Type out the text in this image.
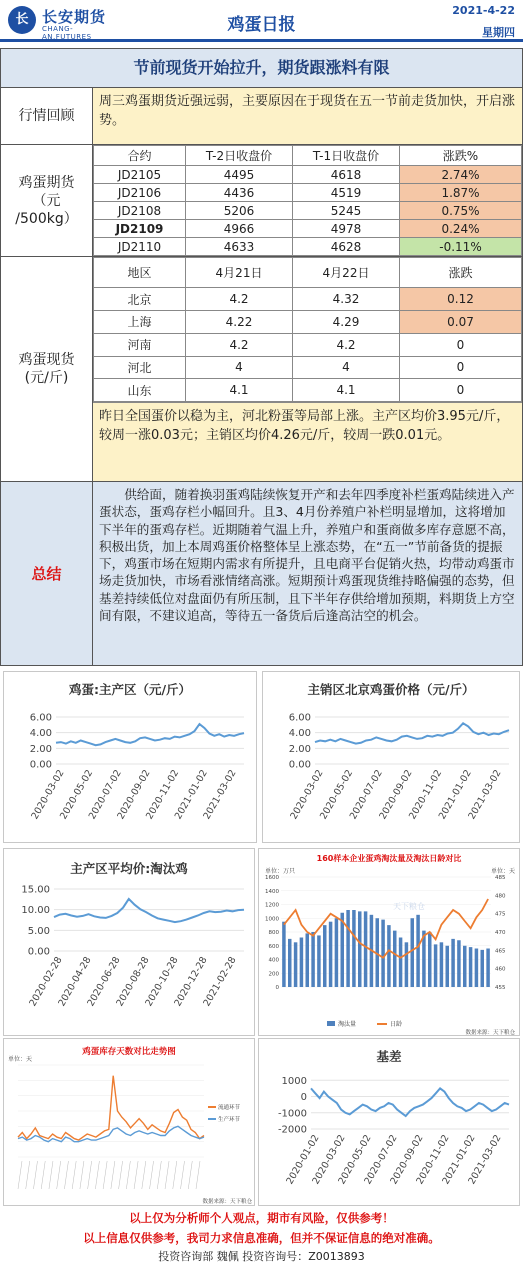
长 长安期货
CHANG-AN.FUTURES
鸡蛋日报
2021-4-22
星期四
节前现货开始拉升，期货跟涨料有限
行情回顾
周三鸡蛋期货近强远弱，主要原因在于现货在五一节前走货加快，开启涨势。
鸡蛋期货
（元
/500kg）
合约	T-2日收盘价	T-1日收盘价	涨跌%
JD2105	4495	4618	2.74%
JD2106	4436	4519	1.87%
JD2108	5206	5245	0.75%
JD2109	4966	4978	0.24%
JD2110	4633	4628	-0.11%
鸡蛋现货
(元/斤)
地区	4月21日	4月22日	涨跌
北京	4.2	4.32	0.12
上海	4.22	4.29	0.07
河南	4.2	4.2	0
河北	4	4	0
山东	4.1	4.1	0
昨日全国蛋价以稳为主，河北粉蛋等局部上涨。主产区均价3.95元/斤，较周一涨0.03元；主销区均价4.26元/斤，较周一跌0.01元。
总结
供给面，随着换羽蛋鸡陆续恢复开产和去年四季度补栏蛋鸡陆续进入产蛋状态，蛋鸡存栏小幅回升。且3、4月份养殖户补栏明显增加，这将增加下半年的蛋鸡存栏。近期随着气温上升，养殖户和蛋商做多库存意愿不高，积极出货，加上本周鸡蛋价格整体呈上涨态势，在“五一”节前备货的提振下，鸡蛋市场在短期内需求有所提升，且电商平台促销火热，均带动鸡蛋市场走货加快，市场看涨情绪高涨。短期预计鸡蛋现货维持略偏强的态势，但基差持续低位对盘面仍有所压制，且下半年存供给增加预期，料期货上方空间有限，不建议追高，等待五一备货后后逢高沽空的机会。
鸡蛋:主产区（元/斤）
6.00
4.00
2.00
0.00
2020-03-02
2020-05-02
2020-07-02
2020-09-02
2020-11-02
2021-01-02
2021-03-02
主销区北京鸡蛋价格（元/斤）
6.00
4.00
2.00
0.00
2020-03-02
2020-05-02
2020-07-02
2020-09-02
2020-11-02
2021-01-02
2021-03-02
主产区平均价:淘汰鸡
15.00
10.00
5.00
0.00
2020-02-28
2020-04-28
2020-06-28
2020-08-28
2020-10-28
2020-12-28
2021-02-28
160样本企业蛋鸡淘汰量及淘汰日龄对比
单位：万只	单位：天
1600
1400
1200
1000
800
600
400
200
0
485
480
475
470
465
460
455
天下粮仓
淘汰量	日龄
数据来源：天下粮仓
鸡蛋库存天数对比走势图
单位：天
流通环节
生产环节
数据来源：天下粮仓
基差
1000
0
-1000
-2000
2020-01-02
2020-03-02
2020-05-02
2020-07-02
2020-09-02
2020-11-02
2021-01-02
2021-03-02
以上仅为分析师个人观点，期市有风险，仅供参考！
以上信息仅供参考，我司力求信息准确，但并不保证信息的绝对准确。
投资咨询部 魏佩 投资咨询号：Z0013893
